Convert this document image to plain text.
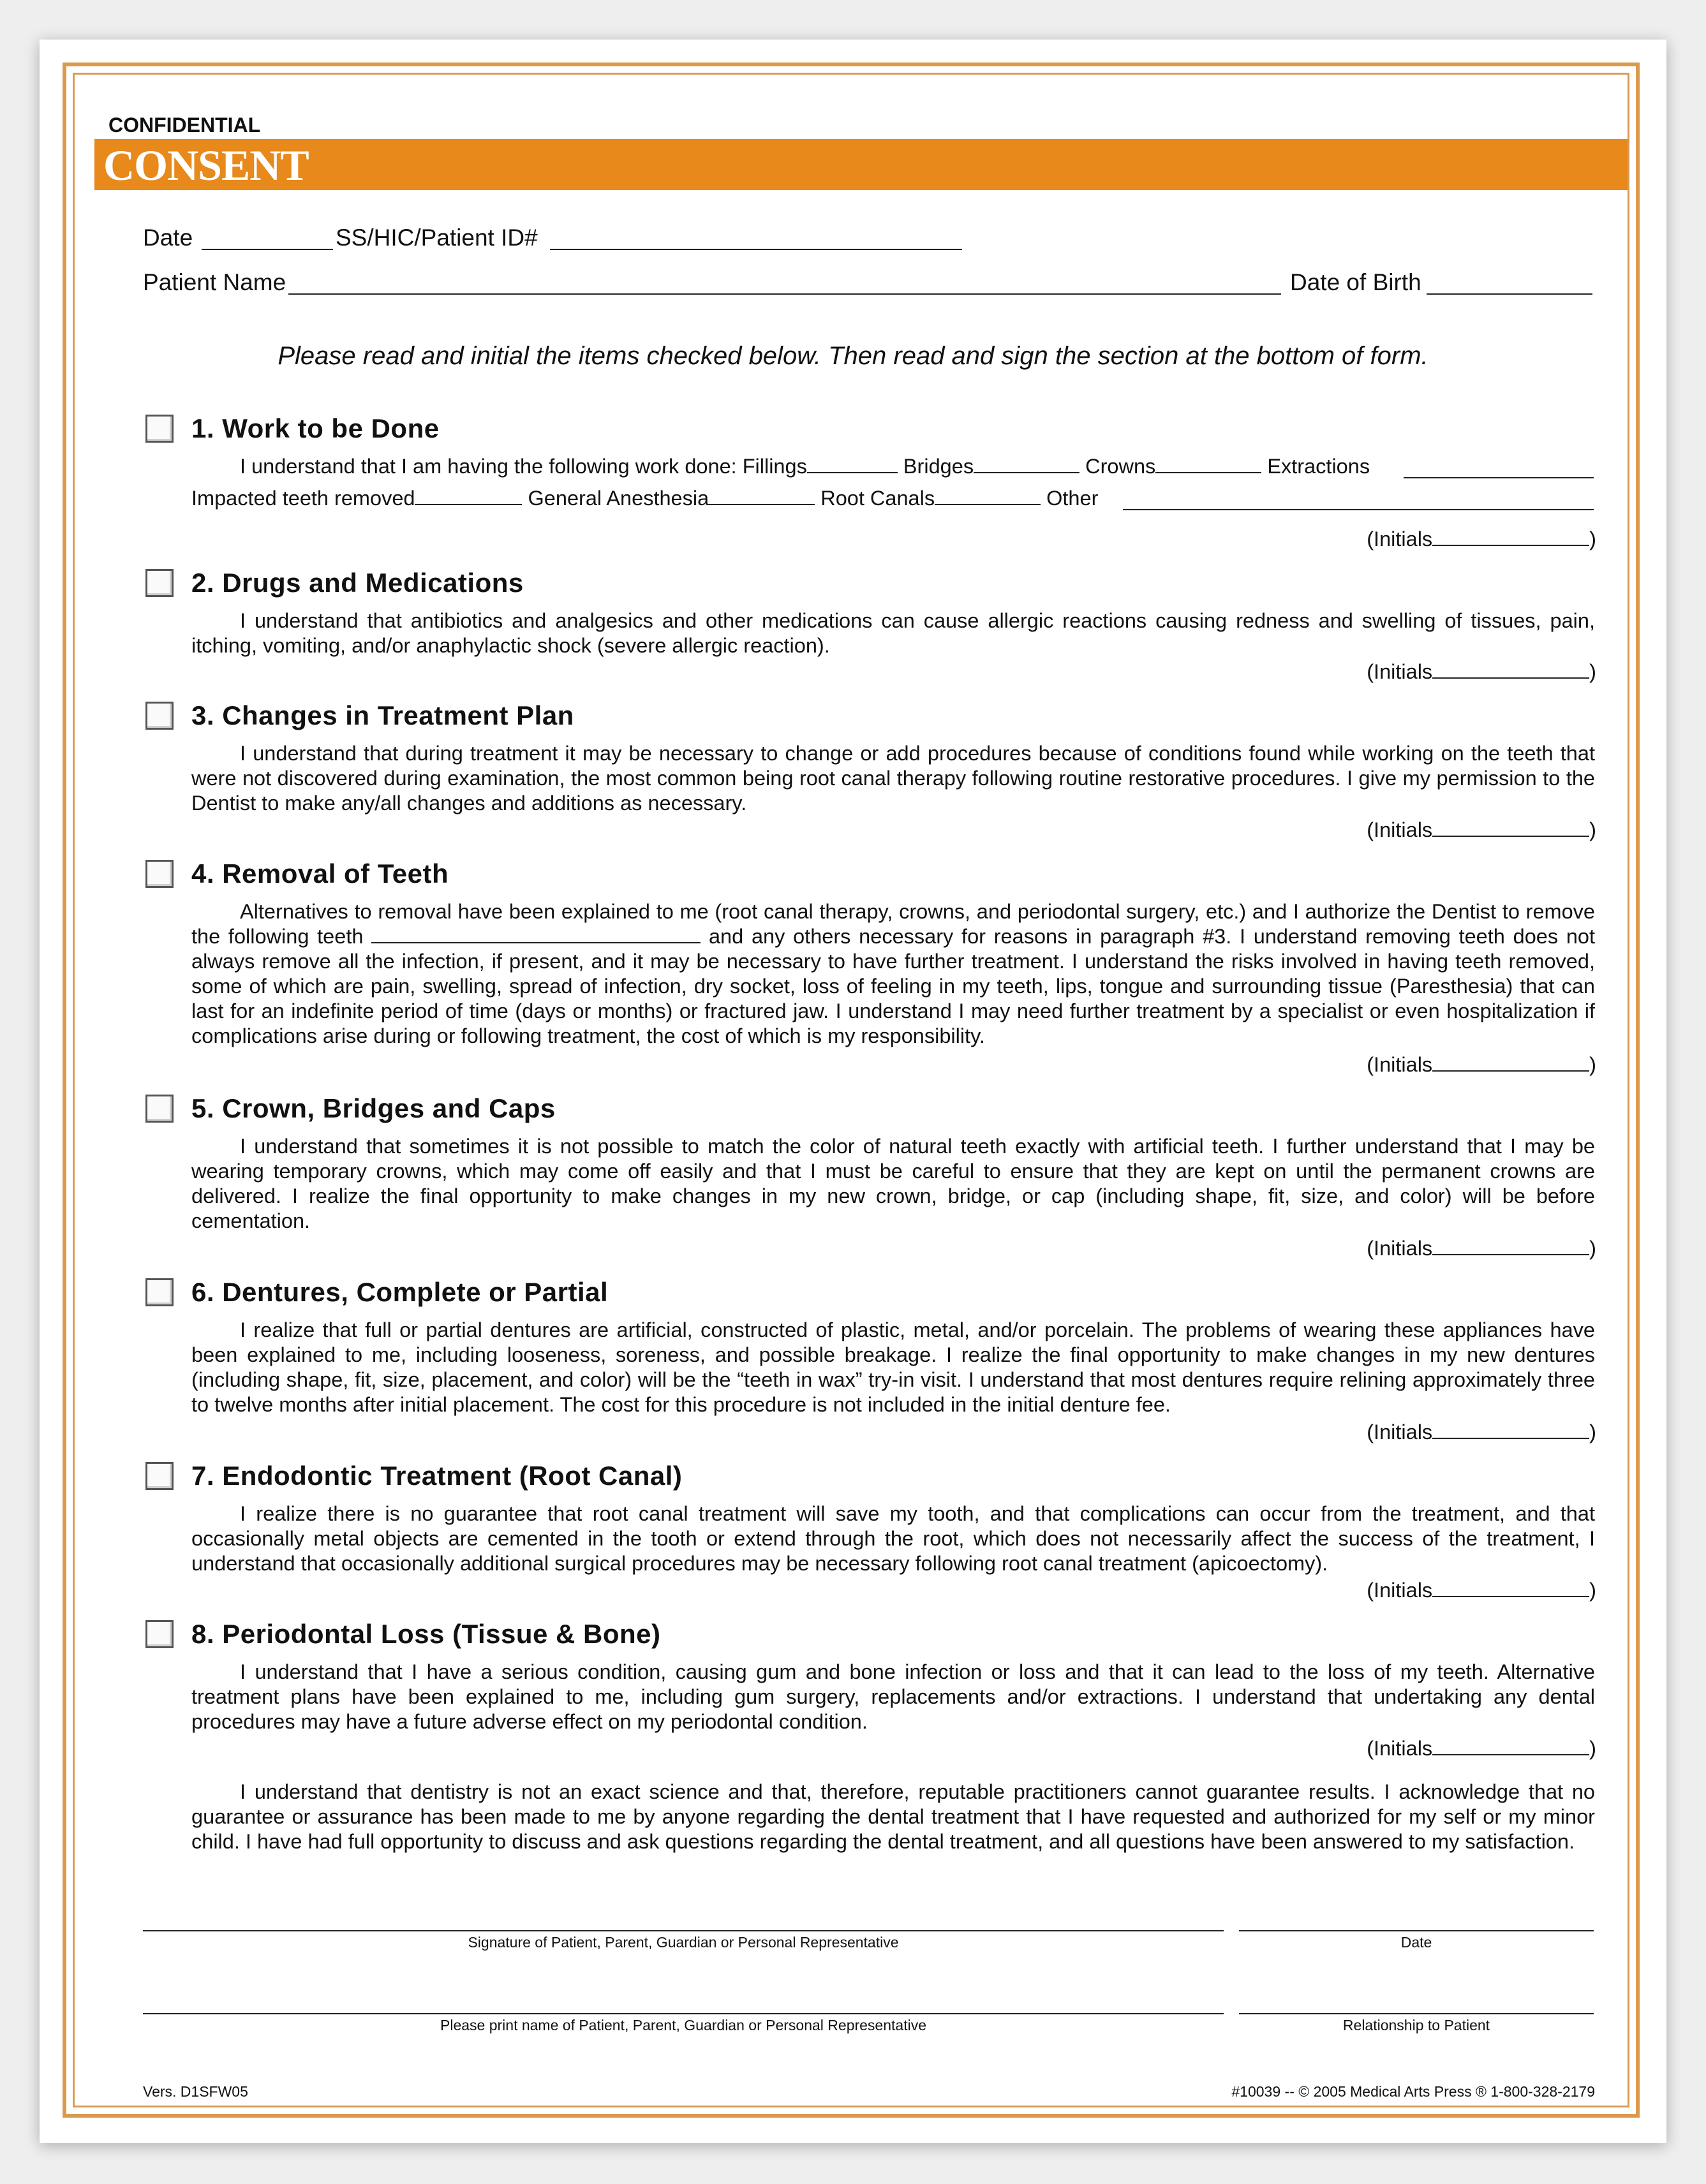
CONFIDENTIAL
CONSENT
Date	SS/HIC/Patient ID#
Patient Name	Date of Birth
Please read and initial the items checked below. Then read and sign the section at the bottom of form.
1. Work to be Done
I understand that I am having the following work done: Fillings	Bridges	Crowns	Extractions
Impacted teeth removed	General Anesthesia	Root Canals	Other
(Initials	)
2. Drugs and Medications

I understand that antibiotics and analgesics and other medications can cause allergic reactions causing redness and swelling of tissues, pain, itching, vomiting, and/or anaphylactic shock (severe allergic reaction).

(Initials	)
3. Changes in Treatment Plan

I understand that during treatment it may be necessary to change or add procedures because of conditions found while working on the teeth that were not discovered during examination, the most common being root canal therapy following routine restorative procedures. I give my permission to the Dentist to make any/all changes and additions as necessary.

(Initials	)
4. Removal of Teeth

Alternatives to removal have been explained to me (root canal therapy, crowns, and periodontal surgery, etc.) and I authorize the Dentist to remove the following teeth	and any others necessary for reasons in paragraph #3. I understand removing teeth does not always remove all the infection, if present, and it may be necessary to have further treatment. I understand the risks involved in having teeth removed, some of which are pain, swelling, spread of infection, dry socket, loss of feeling in my teeth, lips, tongue and surrounding tissue (Paresthesia) that can last for an indefinite period of time (days or months) or fractured jaw. I understand I may need further treatment by a specialist or even hospitalization if complications arise during or following treatment, the cost of which is my responsibility.

(Initials	)
5. Crown, Bridges and Caps

I understand that sometimes it is not possible to match the color of natural teeth exactly with artificial teeth. I further understand that I may be wearing temporary crowns, which may come off easily and that I must be careful to ensure that they are kept on until the permanent crowns are delivered. I realize the final opportunity to make changes in my new crown, bridge, or cap (including shape, fit, size, and color) will be before cementation.

(Initials	)
6. Dentures, Complete or Partial

I realize that full or partial dentures are artificial, constructed of plastic, metal, and/or porcelain. The problems of wearing these appliances have been explained to me, including looseness, soreness, and possible breakage. I realize the final opportunity to make changes in my new dentures (including shape, fit, size, placement, and color) will be the “teeth in wax” try-in visit. I understand that most dentures require relining approximately three to twelve months after initial placement. The cost for this procedure is not included in the initial denture fee.

(Initials	)
7. Endodontic Treatment (Root Canal)

I realize there is no guarantee that root canal treatment will save my tooth, and that complications can occur from the treatment, and that occasionally metal objects are cemented in the tooth or extend through the root, which does not necessarily affect the success of the treatment, I understand that occasionally additional surgical procedures may be necessary following root canal treatment (apicoectomy).

(Initials	)
8. Periodontal Loss (Tissue & Bone)

I understand that I have a serious condition, causing gum and bone infection or loss and that it can lead to the loss of my teeth. Alternative treatment plans have been explained to me, including gum surgery, replacements and/or extractions. I understand that undertaking any dental procedures may have a future adverse effect on my periodontal condition.

(Initials	)

I understand that dentistry is not an exact science and that, therefore, reputable practitioners cannot guarantee results. I acknowledge that no guarantee or assurance has been made to me by anyone regarding the dental treatment that I have requested and authorized for my self or my minor child. I have had full opportunity to discuss and ask questions regarding the dental treatment, and all questions have been answered to my satisfaction.

Signature of Patient, Parent, Guardian or Personal Representative	Date
Please print name of Patient, Parent, Guardian or Personal Representative	Relationship to Patient
Vers. D1SFW05	#10039 -- © 2005 Medical Arts Press ® 1-800-328-2179
